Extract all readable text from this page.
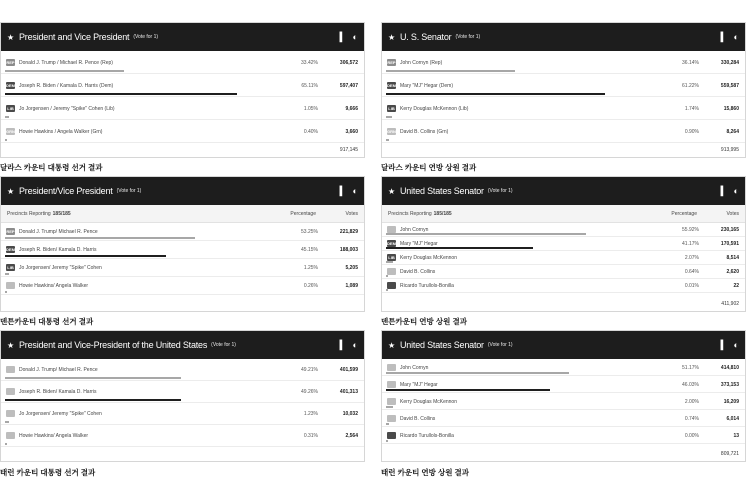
★ President and Vice President (Vote for 1)	▍ ◐
REP Donald J. Trump / Michael R. Pence (Rep)	33.42%	306,572
DEM Joseph R. Biden / Kamala D. Harris (Dem)	65.11%	597,407
LIB Jo Jorgensen / Jeremy "Spike" Cohen (Lib)	1.05%	9,666
GRN Howie Hawkins / Angela Walker (Grn)	0.40%	3,660
917,145
달라스 카운티 대통령 선거 결과
★ U. S. Senator (Vote for 1)	▍ ◐
REP John Cornyn (Rep)	36.14%	330,284
DEM Mary "MJ" Hegar (Dem)	61.22%	559,587
LIB Kerry Douglas McKennon (Lib)	1.74%	15,860
GRN David B. Collins (Grn)	0.90%	8,264
913,995
달라스 카운티 연방 상원 결과
★ President/Vice President (Vote for 1)	▍ ◐
Precincts Reporting 185/185	Percentage	Votes
REP Donald J. Trump/ Michael R. Pence	53.25%	221,829
DEM Joseph R. Biden/ Kamala D. Harris	45.15%	188,003
LIB Jo Jorgensen/ Jeremy "Spike" Cohen	1.25%	5,205
Howie Hawkins/ Angela Walker	0.26%	1,089
덴튼카운티 대통령 선거 결과
★ United States Senator (Vote for 1)	▍ ◐
Precincts Reporting 185/185	Percentage	Votes
John Cornyn	55.92%	230,165
DEM Mary "MJ" Hegar	41.17%	170,591
LIB Kerry Douglas McKennon	2.07%	8,514
David B. Collins	0.64%	2,620
Ricardo Turullols-Bonilla	0.01%	22
411,902
덴튼카운티 연방 상원 결과
★ President and Vice-President of the United States (Vote for 1)	▍ ◐
Donald J. Trump/ Michael R. Pence	49.21%	401,599
Joseph R. Biden/ Kamala D. Harris	49.26%	401,313
Jo Jorgensen/ Jeremy "Spike" Cohen	1.23%	10,032
Howie Hawkins/ Angela Walker	0.31%	2,564
태런 카운티 대통령 선거 결과
★ United States Senator (Vote for 1)	▍ ◐
John Cornyn	51.17%	414,810
Mary "MJ" Hegar	46.03%	373,153
Kerry Douglas McKennon	2.00%	16,209
David B. Collins	0.74%	6,014
Ricardo Turullols-Bonilla	0.00%	13
809,721
태런 카운티 연방 상원 결과
